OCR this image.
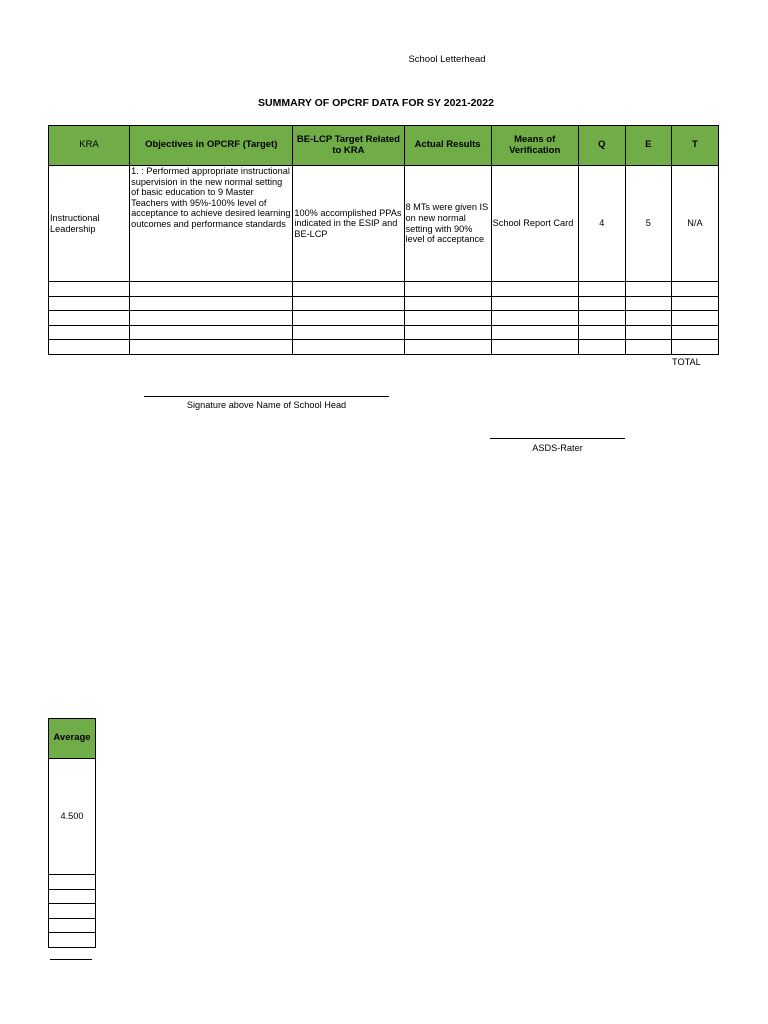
School Letterhead
SUMMARY OF OPCRF DATA FOR SY 2021-2022
KRA	Objectives in OPCRF (Target)	BE-LCP Target Related to KRA	Actual Results	Means of Verification	Q	E	T
Instructional Leadership	1. : Performed appropriate instructional supervision in the new normal setting of basic education to 9 Master Teachers with 95%-100% level of acceptance to achieve desired learning outcomes and performance standards	100% accomplished PPAs indicated in the ESIP and BE-LCP	8 MTs were given IS on new normal setting with 90% level of acceptance	School Report Card	4	5	N/A

TOTAL
Signature above Name of School Head
ASDS-Rater
Average
4.500
